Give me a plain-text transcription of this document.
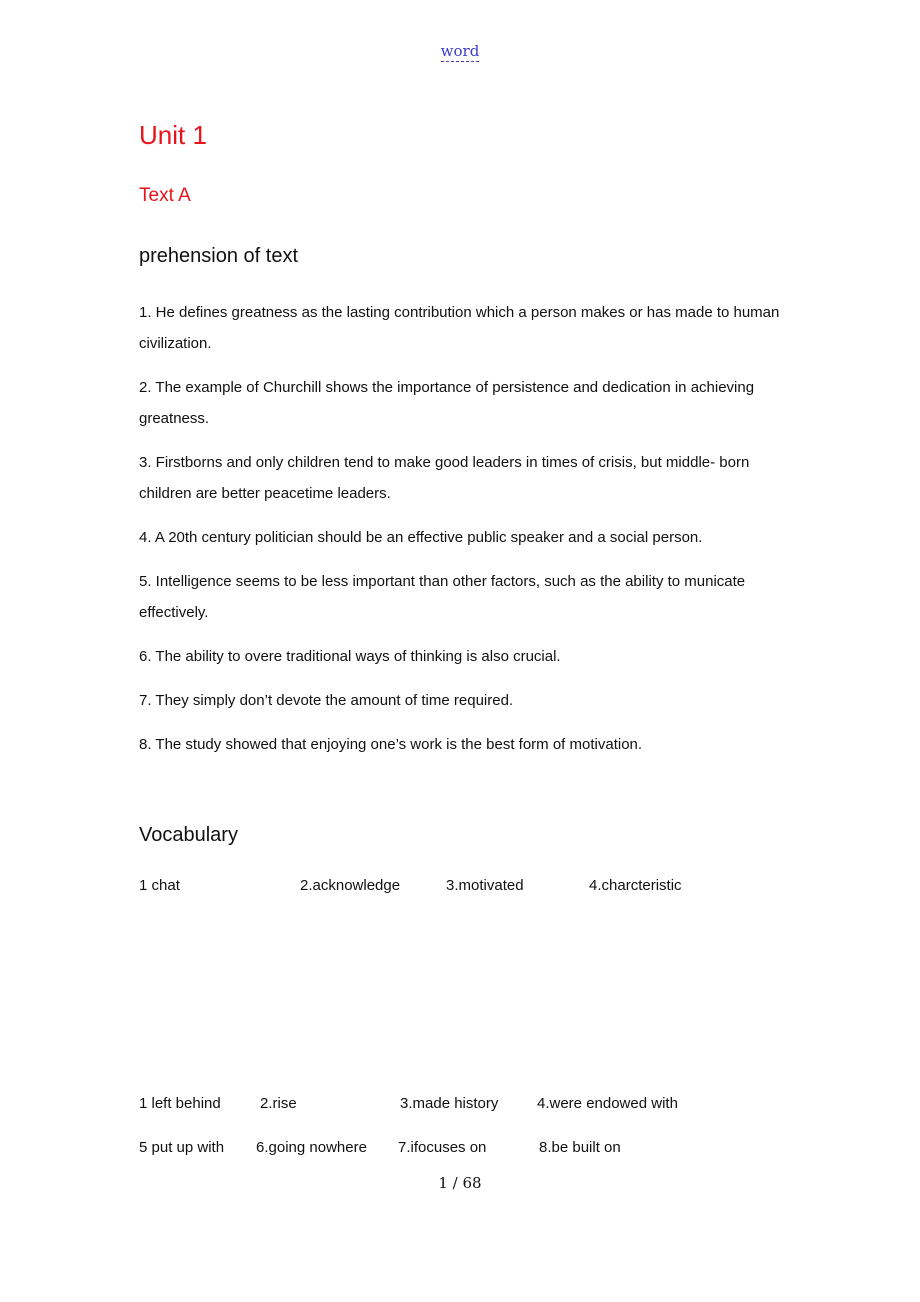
word
Unit 1
Text A
prehension of text
1. He defines greatness as the lasting contribution which a person makes or has made to human civilization.
2. The example of Churchill shows the importance of persistence and dedication in achieving greatness.
3. Firstborns and only children tend to make good leaders in times of crisis, but middle- born children are better peacetime leaders.
4. A 20th century politician should be an effective public speaker and a social person.
5. Intelligence seems to be less important than other factors, such as the ability to municate effectively.
6. The ability to overe traditional ways of thinking is also crucial.
7. They simply don’t devote the amount of time required.
8. The study showed that enjoying one’s work is the best form of motivation.
Vocabulary
1 chat	2.acknowledge	3.motivated	4.charcteristic
1 left behind	2.rise	3.made history	4.were endowed with
5 put up with 6.going nowhere 7.ifocuses on	8.be built on
1 / 68
